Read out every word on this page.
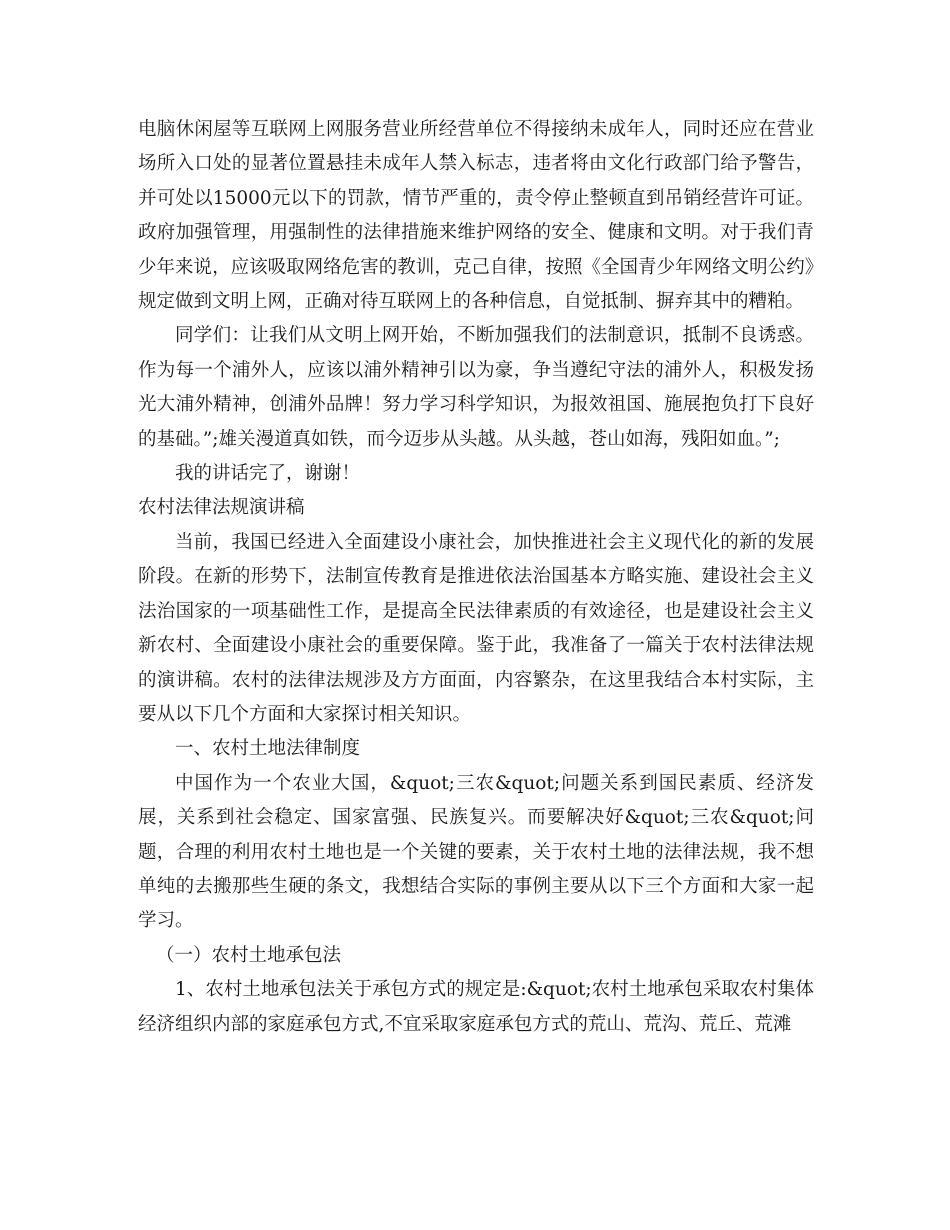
电脑休闲屋等互联网上网服务营业所经营单位不得接纳未成年人，同时还应在营业场所入口处的显著位置悬挂未成年人禁入标志，违者将由文化行政部门给予警告，并可处以15000元以下的罚款，情节严重的，责令停止整顿直到吊销经营许可证。政府加强管理，用强制性的法律措施来维护网络的安全、健康和文明。对于我们青少年来说，应该吸取网络危害的教训，克己自律，按照《全国青少年网络文明公约》规定做到文明上网，正确对待互联网上的各种信息，自觉抵制、摒弃其中的糟粕。

同学们：让我们从文明上网开始，不断加强我们的法制意识，抵制不良诱惑。作为每一个浦外人，应该以浦外精神引以为豪，争当遵纪守法的浦外人，积极发扬光大浦外精神，创浦外品牌！努力学习科学知识，为报效祖国、施展抱负打下良好的基础。”;雄关漫道真如铁，而今迈步从头越。从头越，苍山如海，残阳如血。”;

我的讲话完了，谢谢！

农村法律法规演讲稿

当前，我国已经进入全面建设小康社会，加快推进社会主义现代化的新的发展阶段。在新的形势下，法制宣传教育是推进依法治国基本方略实施、建设社会主义法治国家的一项基础性工作，是提高全民法律素质的有效途径，也是建设社会主义新农村、全面建设小康社会的重要保障。鉴于此，我准备了一篇关于农村法律法规的演讲稿。农村的法律法规涉及方方面面，内容繁杂，在这里我结合本村实际，主要从以下几个方面和大家探讨相关知识。

一、农村土地法律制度

中国作为一个农业大国，&quot;三农&quot;问题关系到国民素质、经济发展，关系到社会稳定、国家富强、民族复兴。而要解决好&quot;三农&quot;问题，合理的利用农村土地也是一个关键的要素，关于农村土地的法律法规，我不想单纯的去搬那些生硬的条文，我想结合实际的事例主要从以下三个方面和大家一起学习。

（一）农村土地承包法

1、农村土地承包法关于承包方式的规定是:&quot;农村土地承包采取农村集体经济组织内部的家庭承包方式,不宜采取家庭承包方式的荒山、荒沟、荒丘、荒滩
